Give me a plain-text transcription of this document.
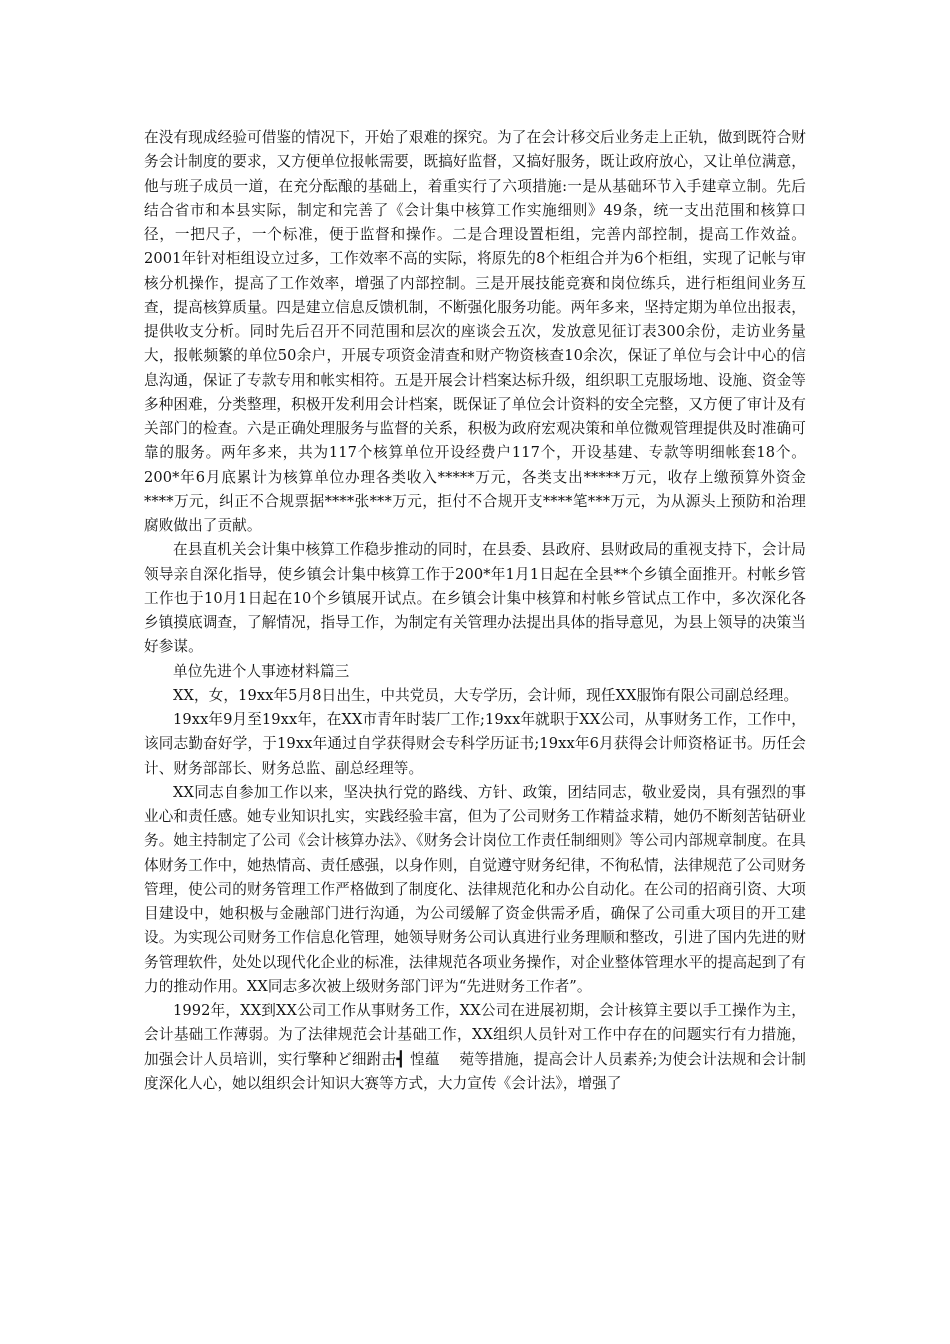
在没有现成经验可借鉴的情况下，开始了艰难的探究。为了在会计移交后业务走上正轨，做到既符合财务会计制度的要求，又方便单位报帐需要，既搞好监督，又搞好服务，既让政府放心，又让单位满意，他与班子成员一道，在充分酝酿的基础上，着重实行了六项措施:一是从基础环节入手建章立制。先后结合省市和本县实际，制定和完善了《会计集中核算工作实施细则》49条，统一支出范围和核算口径，一把尺子，一个标准，便于监督和操作。二是合理设置柜组，完善内部控制，提高工作效益。2001年针对柜组设立过多，工作效率不高的实际，将原先的8个柜组合并为6个柜组，实现了记帐与审核分机操作，提高了工作效率，增强了内部控制。三是开展技能竞赛和岗位练兵，进行柜组间业务互查，提高核算质量。四是建立信息反馈机制，不断强化服务功能。两年多来，坚持定期为单位出报表，提供收支分析。同时先后召开不同范围和层次的座谈会五次，发放意见征订表300余份，走访业务量大，报帐频繁的单位50余户，开展专项资金清查和财产物资核查10余次，保证了单位与会计中心的信息沟通，保证了专款专用和帐实相符。五是开展会计档案达标升级，组织职工克服场地、设施、资金等多种困难，分类整理，积极开发利用会计档案，既保证了单位会计资料的安全完整，又方便了审计及有关部门的检查。六是正确处理服务与监督的关系，积极为政府宏观决策和单位微观管理提供及时准确可靠的服务。两年多来，共为117个核算单位开设经费户117个，开设基建、专款等明细帐套18个。200*年6月底累计为核算单位办理各类收入*****万元，各类支出*****万元，收存上缴预算外资金****万元，纠正不合规票据****张***万元，拒付不合规开支****笔***万元，为从源头上预防和治理腐败做出了贡献。

在县直机关会计集中核算工作稳步推动的同时，在县委、县政府、县财政局的重视支持下，会计局领导亲自深化指导，使乡镇会计集中核算工作于200*年1月1日起在全县**个乡镇全面推开。村帐乡管工作也于10月1日起在10个乡镇展开试点。在乡镇会计集中核算和村帐乡管试点工作中，多次深化各乡镇摸底调查，了解情况，指导工作，为制定有关管理办法提出具体的指导意见，为县上领导的决策当好参谋。

单位先进个人事迹材料篇三

XX，女，19xx年5月8日出生，中共党员，大专学历，会计师，现任XX服饰有限公司副总经理。

19xx年9月至19xx年，在XX市青年时装厂工作;19xx年就职于XX公司，从事财务工作，工作中，该同志勤奋好学，于19xx年通过自学获得财会专科学历证书;19xx年6月获得会计师资格证书。历任会计、财务部部长、财务总监、副总经理等。

XX同志自参加工作以来，坚决执行党的路线、方针、政策，团结同志，敬业爱岗，具有强烈的事业心和责任感。她专业知识扎实，实践经验丰富，但为了公司财务工作精益求精，她仍不断刻苦钻研业务。她主持制定了公司《会计核算办法》、《财务会计岗位工作责任制细则》等公司内部规章制度。在具体财务工作中，她热情高、责任感强，以身作则，自觉遵守财务纪律，不徇私情，法律规范了公司财务管理，使公司的财务管理工作严格做到了制度化、法律规范化和办公自动化。在公司的招商引资、大项目建设中，她积极与金融部门进行沟通，为公司缓解了资金供需矛盾，确保了公司重大项目的开工建设。为实现公司财务工作信息化管理，她领导财务公司认真进行业务理顺和整改，引进了国内先进的财务管理软件，处处以现代化企业的标准，法律规范各项业务操作，对企业整体管理水平的提高起到了有力的推动作用。XX同志多次被上级财务部门评为“先进财务工作者”。

1992年，XX到XX公司工作从事财务工作，XX公司在进展初期，会计核算主要以手工操作为主，会计基础工作薄弱。为了法律规范会计基础工作，XX组织人员针对工作中存在的问题实行有力措施，加强会计人员培训，实行擎种ど细跗击┫ 惶蕴　 菀等措施，提高会计人员素养;为使会计法规和会计制度深化人心，她以组织会计知识大赛等方式，大力宣传《会计法》，增强了
